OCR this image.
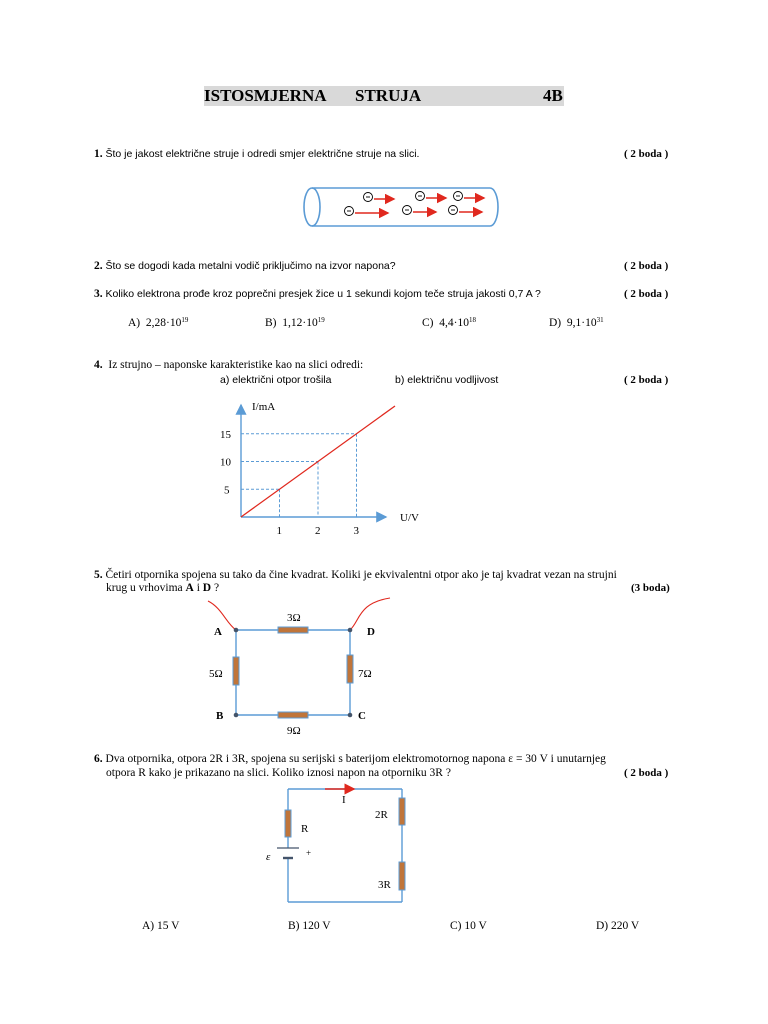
ISTOSMJERNA STRUJA	4B
1. Što je jakost električne struje i odredi smjer električne struje na slici.	( 2 boda )
2. Što se dogodi kada metalni vodič priključimo na izvor napona?	( 2 boda )
3. Koliko elektrona prođe kroz poprečni presjek žice u 1 sekundi kojom teče struja jakosti 0,7 A ?	( 2 boda )
A) $2,28\cdot 10^{19}$	B) $1,12\cdot 10^{19}$	C) $4,4\cdot 10^{18}$	D) $9,1\cdot 10^{31}$
4. Iz strujno – naponske karakteristike kao na slici odredi:
a) električni otpor trošila	b) električnu vodljivost	( 2 boda )
I/mA
U/V
1	2	3
5
10
15
5. Četiri otpornika spojena su tako da čine kvadrat. Koliki je ekvivalentni otpor ako je taj kvadrat vezan na strujni
krug u vrhovima A i D ?	(3 boda)
A	D
B	C
3Ω
5Ω	7Ω
9Ω
6. Dva otpornika, otpora 2R i 3R, spojena su serijski s baterijom elektromotornog napona ε = 30 V i unutarnjeg
otpora R kako je prikazano na slici. Koliko iznosi napon na otporniku 3R ?	( 2 boda )
I
R
2R
3R
ε	+
A) 15 V	B) 120 V	C) 10 V	D) 220 V
